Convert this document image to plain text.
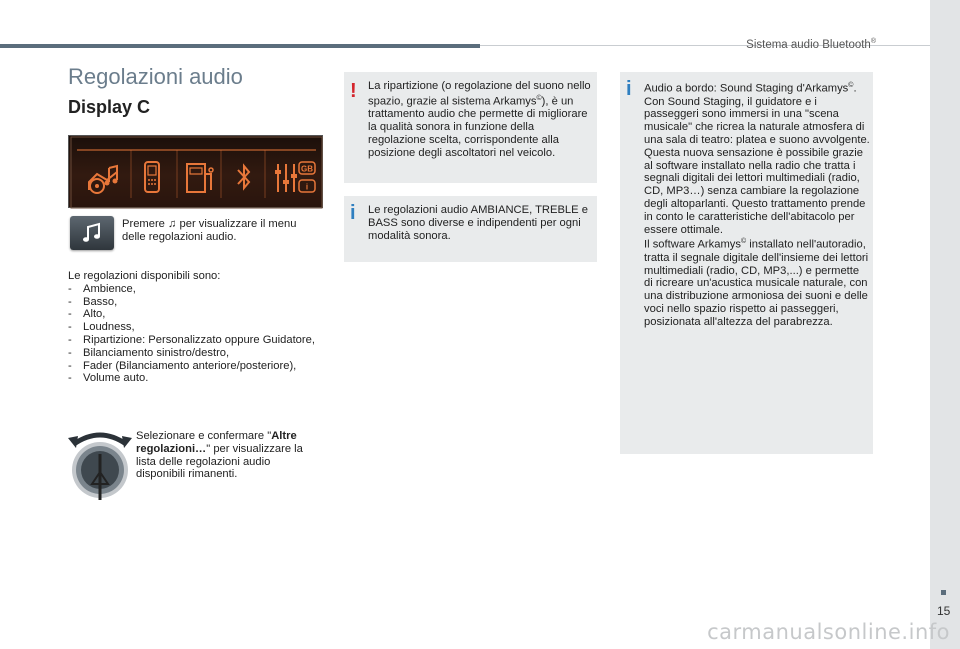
Sistema audio Bluetooth®
Regolazioni audio
Display C
GB
i

Premere ♫ per visualizzare il menu delle regolazioni audio.

Le regolazioni disponibili sono:

- Ambience,
- Basso,
- Alto,
- Loudness,
- Ripartizione: Personalizzato oppure Guidatore,
- Bilanciamento sinistro/destro,
- Fader (Bilanciamento anteriore/posteriore),
- Volume auto.

Selezionare e confermare "Altre regolazioni…" per visualizzare la lista delle regolazioni audio disponibili rimanenti.

! La ripartizione (o regolazione del suono nello spazio, grazie al sistema Arkamys©), è un trattamento audio che permette di migliorare la qualità sonora in funzione della regolazione scelta, corrispondente alla posizione degli ascoltatori nel veicolo.

i Le regolazioni audio AMBIANCE, TREBLE e BASS sono diverse e indipendenti per ogni modalità sonora.

i Audio a bordo: Sound Staging d'Arkamys©.

Con Sound Staging, il guidatore e i passeggeri sono immersi in una "scena musicale" che ricrea la naturale atmosfera di una sala di teatro: platea e suono avvolgente.

Questa nuova sensazione è possibile grazie al software installato nella radio che tratta i segnali digitali dei lettori multimediali (radio, CD, MP3…) senza cambiare la regolazione degli altoparlanti. Questo trattamento prende in conto le caratteristiche dell'abitacolo per essere ottimale.

Il software Arkamys© installato nell'autoradio, tratta il segnale digitale dell'insieme dei lettori multimediali (radio, CD, MP3,...) e permette di ricreare un'acustica musicale naturale, con una distribuzione armoniosa dei suoni e delle voci nello spazio rispetto ai passeggeri, posizionata all'altezza del parabrezza.

15
carmanualsonline.info
